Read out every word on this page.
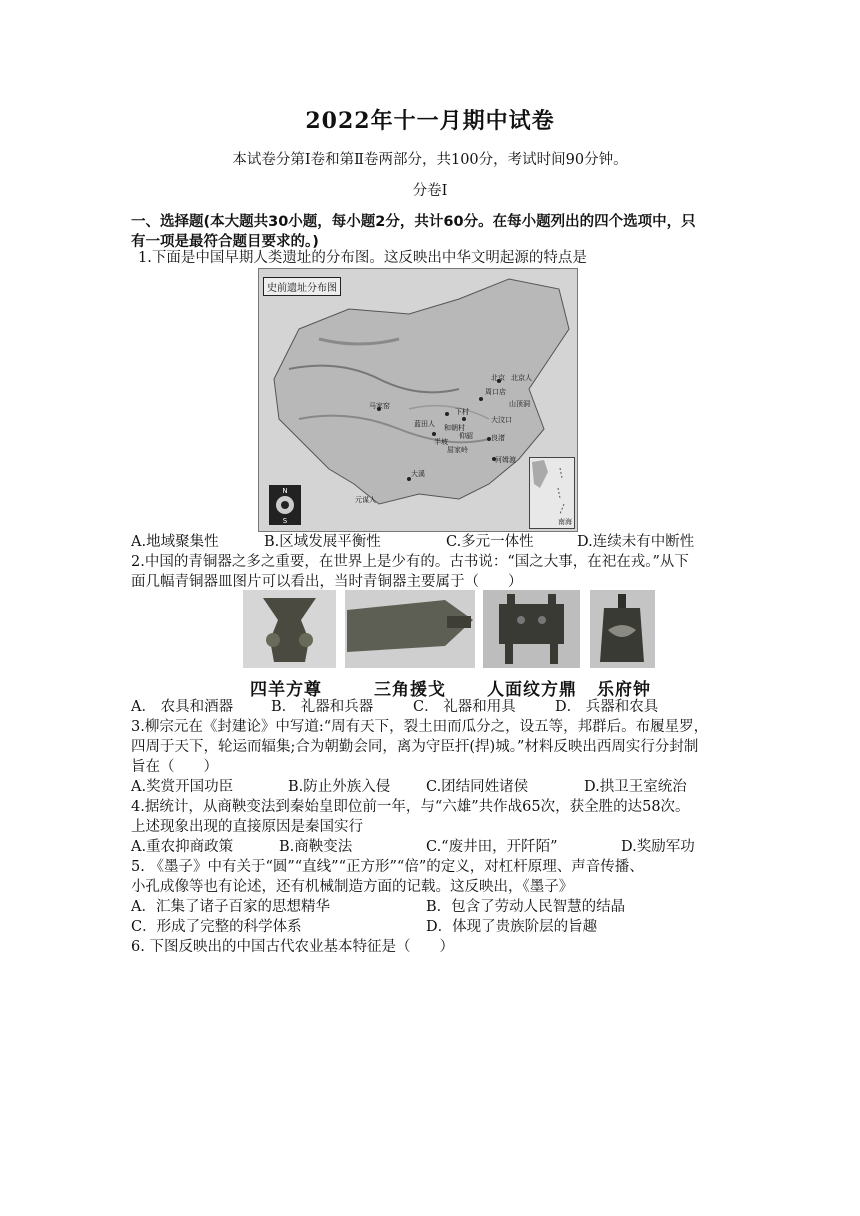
2022年十一月期中试卷
本试卷分第Ⅰ卷和第Ⅱ卷两部分，共100分，考试时间90分钟。
分卷I
一、选择题(本大题共30小题，每小题2分，共计60分。在每小题列出的四个选项中，只
有一项是最符合题目要求的。)
1.下面是中国早期人类遗址的分布图。这反映出中华文明起源的特点是
史前遗址分布图
北京 北京人
马家窑
半坡
下村
山顶洞
周口店
大汶口
良渚
河姆渡
元谋人
大溪
和朝村
蓝田人
屈家岭
仰韶
N
S	南海
A.地域聚集性	B.区域发展平衡性	C.多元一体性	D.连续未有中断性
2.中国的青铜器之多之重要，在世界上是少有的。古书说：“国之大事，在祀在戎。”从下
面几幅青铜器皿图片可以看出，当时青铜器主要属于（　　）
四羊方尊	三角援戈 人面纹方鼎 乐府钟
A． 农具和酒器	B． 礼器和兵器	C． 礼器和用具	D． 兵器和农具
3.柳宗元在《封建论》中写道:“周有天下，裂土田而瓜分之，设五等，邦群后。布履星罗，
四周于天下，轮运而辐集;合为朝勤会同，离为守臣扞(捍)城。”材料反映出西周实行分封制
旨在（　　）
A.奖赏开国功臣	B.防止外族入侵 C.团结同姓诸侯	D.拱卫王室统治
4.据统计，从商鞅变法到秦始皇即位前一年，与“六雄”共作战65次，获全胜的达58次。
上述现象出现的直接原因是秦国实行
A.重农抑商政策	B.商鞅变法	C.“废井田，开阡陌”	D.奖励军功
5. 《墨子》中有关于“圆”“直线”“正方形”“倍”的定义，对杠杆原理、声音传播、
小孔成像等也有论述，还有机械制造方面的记载。这反映出，《墨子》
A．汇集了诸子百家的思想精华	B．包含了劳动人民智慧的结晶
C．形成了完整的科学体系	D．体现了贵族阶层的旨趣
6. 下图反映出的中国古代农业基本特征是（　　）
